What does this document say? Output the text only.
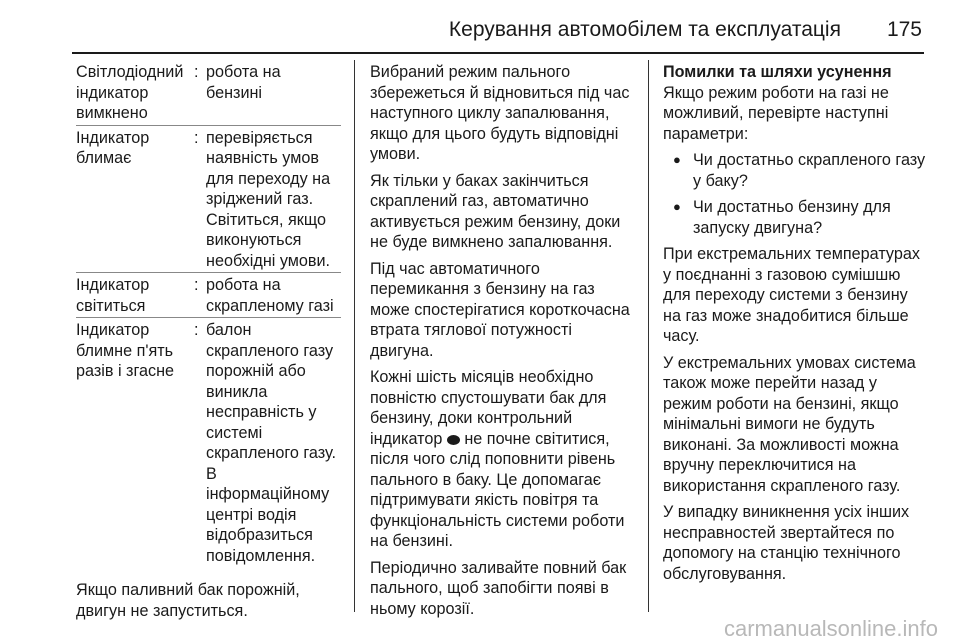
Керування автомобілем та експлуатація 175
Світлодіодний індикатор вимкнено
: робота на бензині
Індикатор блимає
: перевіряється наявність умов для переходу на зріджений газ. Світиться, якщо виконуються необхідні умови.
Індикатор світиться
: робота на скрапленому газі
Індикатор блимне п'ять разів і згасне
: балон скрапленого газу порожній або виникла несправність у системі скрапленого газу. В інформаційному центрі водія відобразиться повідомлення.

Якщо паливний бак порожній, двигун не запуститься.

Вибраний режим пального збережеться й відновиться під час наступного циклу запалювання, якщо для цього будуть відповідні умови.

Як тільки у баках закінчиться скраплений газ, автоматично активується режим бензину, доки не буде вимкнено запалювання.

Під час автоматичного перемикання з бензину на газ може спостерігатися короткочасна втрата тяглової потужності двигуна.

Кожні шість місяців необхідно повністю спустошувати бак для бензину, доки контрольний індикатор не почне світитися, після чого слід поповнити рівень пального в баку. Це допомагає підтримувати якість повітря та функціональність системи роботи на бензині.

Періодично заливайте повний бак пального, щоб запобігти появі в ньому корозії.

Помилки та шляхи усунення

Якщо режим роботи на газі не можливий, перевірте наступні параметри:

● Чи достатньо скрапленого газу у баку?
● Чи достатньо бензину для запуску двигуна?

При екстремальних температурах у поєднанні з газовою сумішшю для переходу системи з бензину на газ може знадобитися більше часу.

У екстремальних умовах система також може перейти назад у режим роботи на бензині, якщо мінімальні вимоги не будуть виконані. За можливості можна вручну переключитися на використання скрапленого газу.

У випадку виникнення усіх інших несправностей звертайтеся по допомогу на станцію технічного обслуговування.

carmanualsonline.info
